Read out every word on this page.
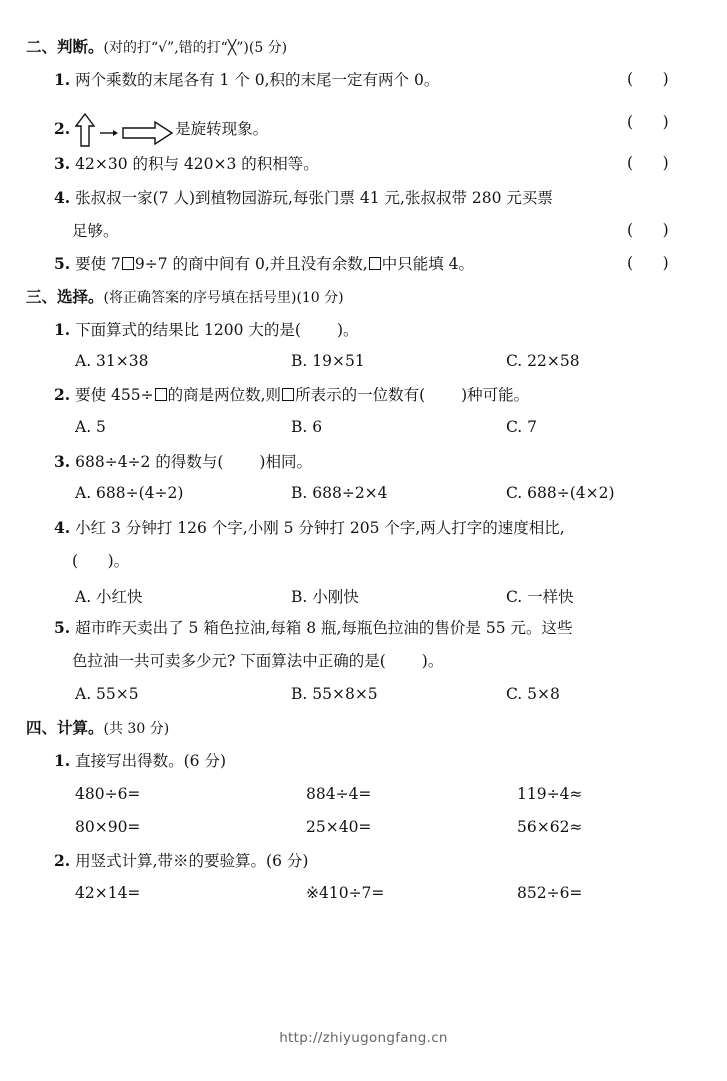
二、判断。(对的打“√”,错的打“╳”)(5 分)
1. 两个乘数的末尾各有 1 个 0,积的末尾一定有两个 0。	(      )
2.	是旋转现象。	(      )
3. 42×30 的积与 420×3 的积相等。	(      )
4. 张叔叔一家(7 人)到植物园游玩,每张门票 41 元,张叔叔带 280 元买票
足够。	(      )
5. 要使 7 9÷7 的商中间有 0,并且没有余数, 中只能填 4。	(      )
三、选择。(将正确答案的序号填在括号里)(10 分)
1. 下面算式的结果比 1200 大的是( )。
A. 31×38	B. 19×51	C. 22×58
2. 要使 455÷ 的商是两位数,则 所表示的一位数有( )种可能。
A. 5	B. 6	C. 7
3. 688÷4÷2 的得数与( )相同。
A. 688÷(4÷2)	B. 688÷2×4	C. 688÷(4×2)
4. 小红 3 分钟打 126 个字,小刚 5 分钟打 205 个字,两人打字的速度相比,
(      )。
A. 小红快	B. 小刚快	C. 一样快
5. 超市昨天卖出了 5 箱色拉油,每箱 8 瓶,每瓶色拉油的售价是 55 元。这些
色拉油一共可卖多少元? 下面算法中正确的是( )。
A. 55×5	B. 55×8×5	C. 5×8
四、计算。(共 30 分)
1. 直接写出得数。(6 分)
480÷6=	884÷4=	119÷4≈
80×90=	25×40=	56×62≈
2. 用竖式计算,带※的要验算。(6 分)
42×14=	※410÷7=	852÷6=
http://zhiyugongfang.cn
